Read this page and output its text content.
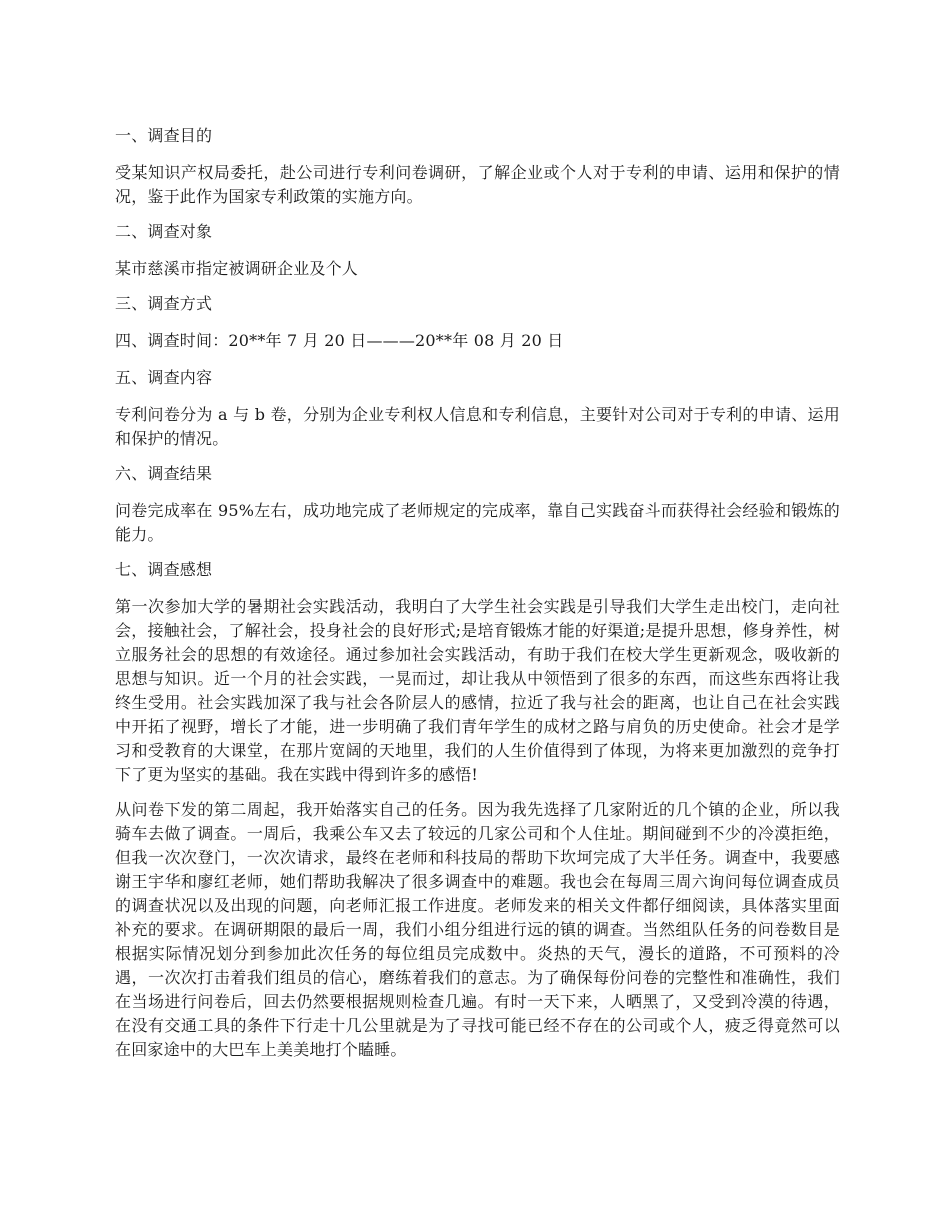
一、调查目的

受某知识产权局委托，赴公司进行专利问卷调研，了解企业或个人对于专利的申请、运用和保护的情况，鉴于此作为国家专利政策的实施方向。

二、调查对象

某市慈溪市指定被调研企业及个人

三、调查方式

四、调查时间：20**年 7 月 20 日———20**年 08 月 20 日

五、调查内容

专利问卷分为 a 与 b 卷，分别为企业专利权人信息和专利信息，主要针对公司对于专利的申请、运用和保护的情况。

六、调查结果

问卷完成率在 95%左右，成功地完成了老师规定的完成率，靠自己实践奋斗而获得社会经验和锻炼的能力。

七、调查感想

第一次参加大学的暑期社会实践活动，我明白了大学生社会实践是引导我们大学生走出校门，走向社会，接触社会，了解社会，投身社会的良好形式;是培育锻炼才能的好渠道;是提升思想，修身养性，树立服务社会的思想的有效途径。通过参加社会实践活动，有助于我们在校大学生更新观念，吸收新的思想与知识。近一个月的社会实践，一晃而过，却让我从中领悟到了很多的东西，而这些东西将让我终生受用。社会实践加深了我与社会各阶层人的感情，拉近了我与社会的距离，也让自己在社会实践中开拓了视野，增长了才能，进一步明确了我们青年学生的成材之路与肩负的历史使命。社会才是学习和受教育的大课堂，在那片宽阔的天地里，我们的人生价值得到了体现，为将来更加激烈的竞争打下了更为坚实的基础。我在实践中得到许多的感悟!

从问卷下发的第二周起，我开始落实自己的任务。因为我先选择了几家附近的几个镇的企业，所以我骑车去做了调查。一周后，我乘公车又去了较远的几家公司和个人住址。期间碰到不少的冷漠拒绝，但我一次次登门，一次次请求，最终在老师和科技局的帮助下坎坷完成了大半任务。调查中，我要感谢王宇华和廖红老师，她们帮助我解决了很多调查中的难题。我也会在每周三周六询问每位调查成员的调查状况以及出现的问题，向老师汇报工作进度。老师发来的相关文件都仔细阅读，具体落实里面补充的要求。在调研期限的最后一周，我们小组分组进行远的镇的调查。当然组队任务的问卷数目是根据实际情况划分到参加此次任务的每位组员完成数中。炎热的天气，漫长的道路，不可预料的冷遇，一次次打击着我们组员的信心，磨练着我们的意志。为了确保每份问卷的完整性和准确性，我们在当场进行问卷后，回去仍然要根据规则检查几遍。有时一天下来，人晒黑了，又受到冷漠的待遇，在没有交通工具的条件下行走十几公里就是为了寻找可能已经不存在的公司或个人，疲乏得竟然可以在回家途中的大巴车上美美地打个瞌睡。
